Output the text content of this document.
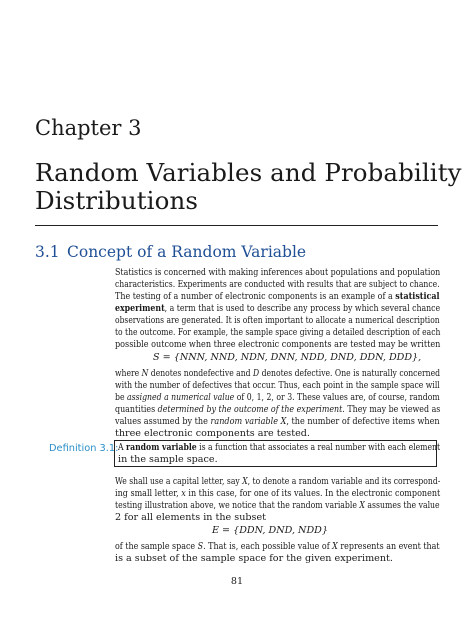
Chapter 3
Random Variables and Probability
Distributions
3.1 Concept of a Random Variable
Statistics is concerned with making inferences about populations and population
characteristics. Experiments are conducted with results that are subject to chance.
The testing of a number of electronic components is an example of a statistical
experiment, a term that is used to describe any process by which several chance
observations are generated. It is often important to allocate a numerical description
to the outcome. For example, the sample space giving a detailed description of each
possible outcome when three electronic components are tested may be written
S = {NNN, NND, NDN, DNN, NDD, DND, DDN, DDD},
where N denotes nondefective and D denotes defective. One is naturally concerned
with the number of defectives that occur. Thus, each point in the sample space will
be assigned a numerical value of 0, 1, 2, or 3. These values are, of course, random
quantities determined by the outcome of the experiment. They may be viewed as
values assumed by the random variable X, the number of defective items when
three electronic components are tested.
Definition 3.1: A random variable is a function that associates a real number with each element
in the sample space.
We shall use a capital letter, say X, to denote a random variable and its correspond-
ing small letter, x in this case, for one of its values. In the electronic component
testing illustration above, we notice that the random variable X assumes the value
2 for all elements in the subset
E = {DDN, DND, NDD}
of the sample space S. That is, each possible value of X represents an event that
is a subset of the sample space for the given experiment.
81
